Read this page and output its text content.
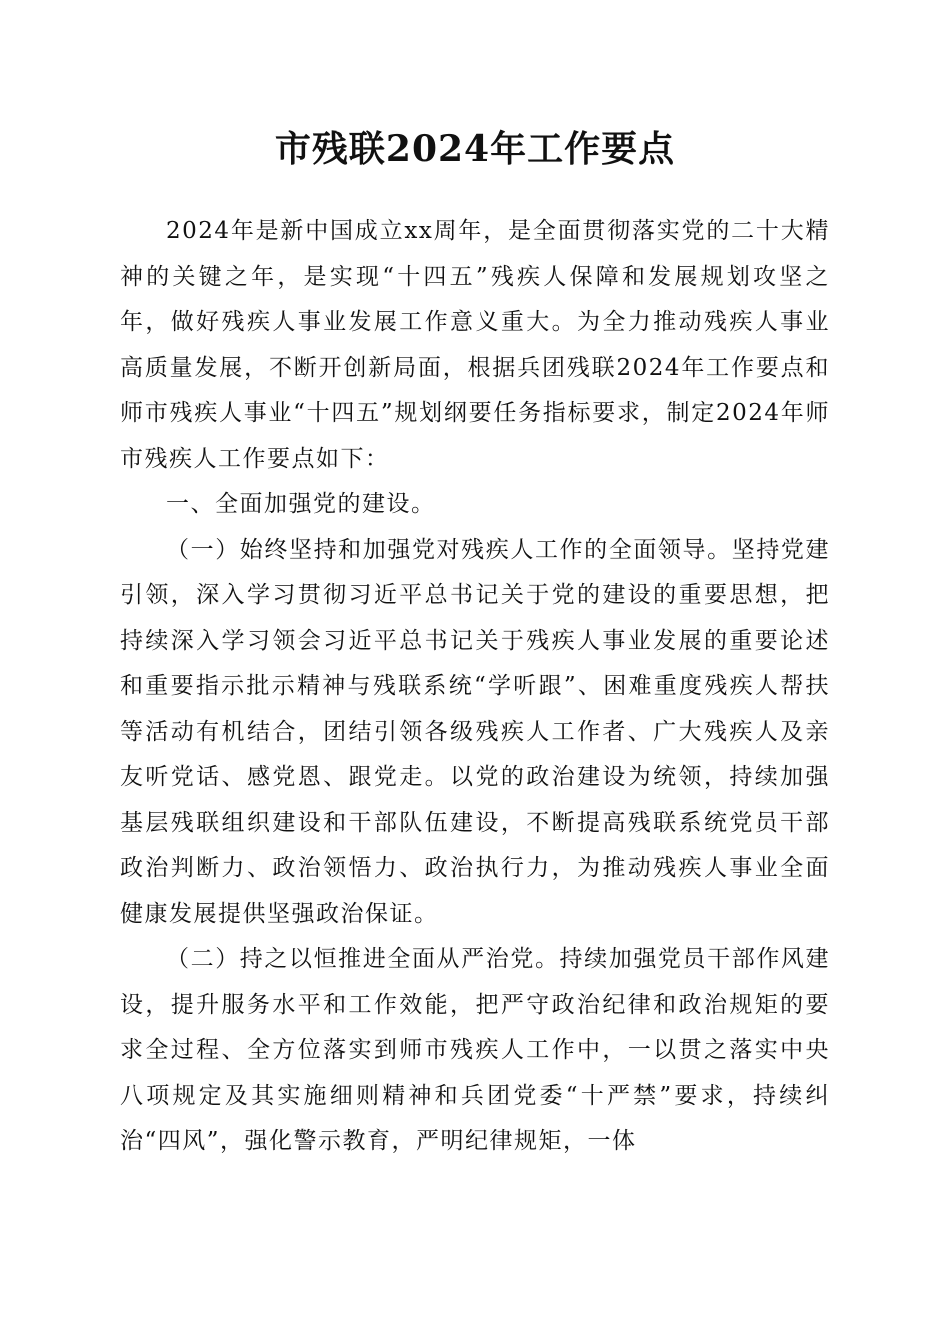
市残联2024年工作要点

2024年是新中国成立xx周年，是全面贯彻落实党的二十大精神的关键之年，是实现“十四五”残疾人保障和发展规划攻坚之年，做好残疾人事业发展工作意义重大。为全力推动残疾人事业高质量发展，不断开创新局面，根据兵团残联2024年工作要点和师市残疾人事业“十四五”规划纲要任务指标要求，制定2024年师市残疾人工作要点如下：

一、全面加强党的建设。

（一）始终坚持和加强党对残疾人工作的全面领导。坚持党建引领，深入学习贯彻习近平总书记关于党的建设的重要思想，把持续深入学习领会习近平总书记关于残疾人事业发展的重要论述和重要指示批示精神与残联系统“学听跟”、困难重度残疾人帮扶等活动有机结合，团结引领各级残疾人工作者、广大残疾人及亲友听党话、感党恩、跟党走。以党的政治建设为统领，持续加强基层残联组织建设和干部队伍建设，不断提高残联系统党员干部政治判断力、政治领悟力、政治执行力，为推动残疾人事业全面健康发展提供坚强政治保证。

（二）持之以恒推进全面从严治党。持续加强党员干部作风建设，提升服务水平和工作效能，把严守政治纪律和政治规矩的要求全过程、全方位落实到师市残疾人工作中，一以贯之落实中央八项规定及其实施细则精神和兵团党委“十严禁”要求，持续纠治“四风”，强化警示教育，严明纪律规矩，一体
